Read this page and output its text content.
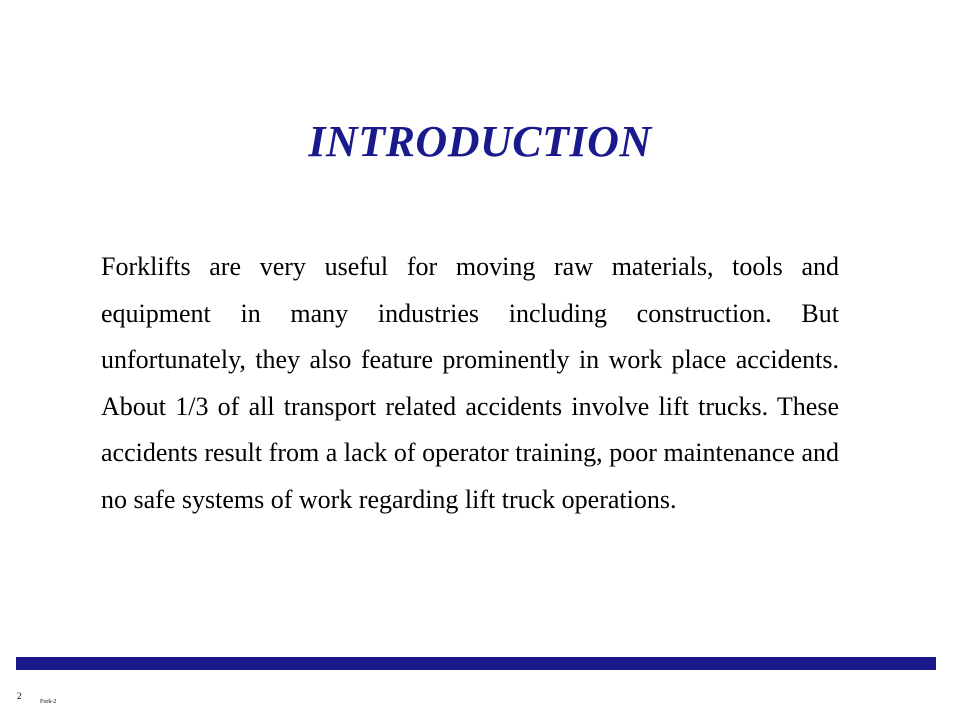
INTRODUCTION

Forklifts are very useful for moving raw materials, tools and equipment in many industries including construction. But unfortunately, they also feature prominently in work place accidents. About 1/3 of all transport related accidents involve lift trucks. These accidents result from a lack of operator training, poor maintenance and no safe systems of work regarding lift truck operations.

2
Fork-2
